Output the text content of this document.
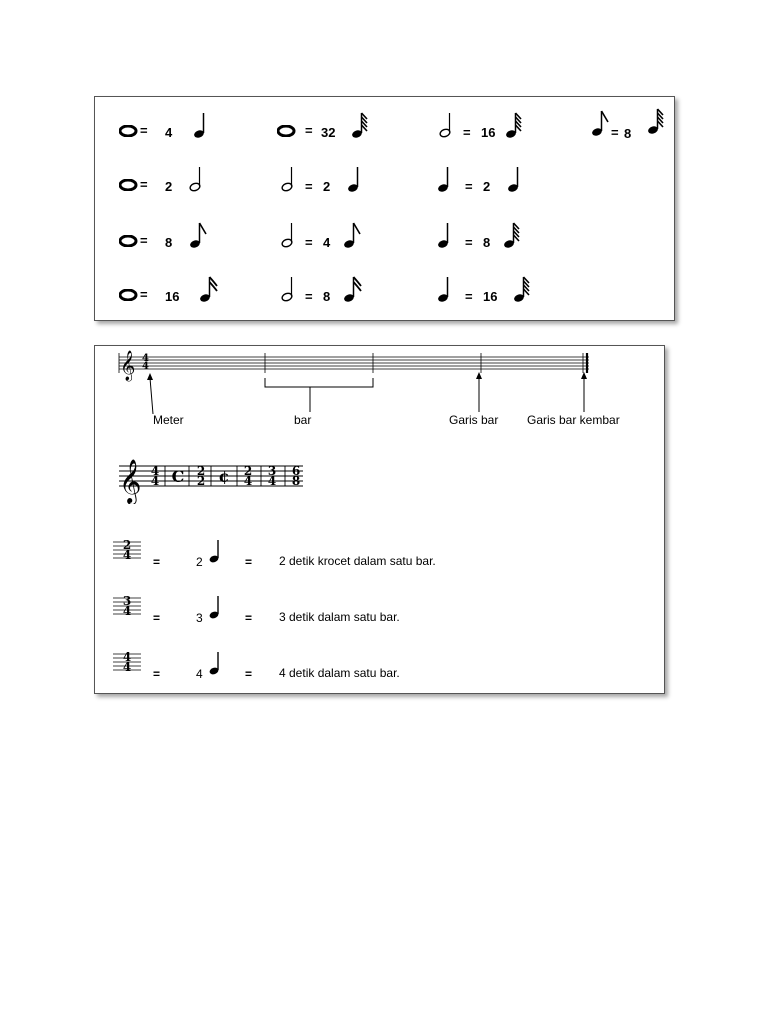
= 4	= 32	= 16	= 8
= 2	= 2	= 2
= 8	= 4	= 8
= 16	= 8	= 16
𝄞 4
4
Meter	bar	Garis bar Garis bar kembar
𝄞 4
4 C 2
2 ¢ 2
4
3
4
6
8
2
4	=	2	= 2 detik krocet dalam satu bar.
3
4	=	3	= 3 detik dalam satu bar.
4
4	=	4	= 4 detik dalam satu bar.
